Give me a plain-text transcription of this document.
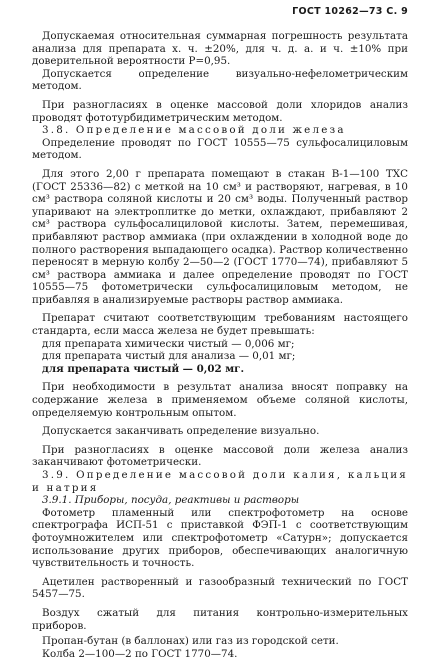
ГОСТ 10262—73 С. 9

Допускаемая относительная суммарная погрешность результата анализа для препарата х. ч. ±20%, для ч. д. а. и ч. ±10% при доверительной вероятности P=0,95.

Допускается определение визуально-нефелометрическим методом.

При разногласиях в оценке массовой доли хлоридов анализ проводят фототурбидиметрическим методом.

3.8. Определение массовой доли железа

Определение проводят по ГОСТ 10555—75 сульфосалициловым методом.

Для этого 2,00 г препарата помещают в стакан В-1—100 ТХС (ГОСТ 25336—82) с меткой на 10 см³ и растворяют, нагревая, в 10 см³ раствора соляной кислоты и 20 см³ воды. Полученный раствор упаривают на электроплитке до метки, охлаждают, прибавляют 2 см³ раствора сульфосалициловой кислоты. Затем, перемешивая, прибавляют раствор аммиака (при охлаждении в холодной воде до полного растворения выпадающего осадка). Раствор количественно переносят в мерную колбу 2—50—2 (ГОСТ 1770—74), прибавляют 5 см³ раствора аммиака и далее определение проводят по ГОСТ 10555—75 фотометрически сульфосалициловым методом, не прибавляя в анализируемые растворы раствор аммиака.

Препарат считают соответствующим требованиям настоящего стандарта, если масса железа не будет превышать:

для препарата химически чистый — 0,006 мг;

для препарата чистый для анализа — 0,01 мг;

для препарата чистый — 0,02 мг.

При необходимости в результат анализа вносят поправку на содержание железа в применяемом объеме соляной кислоты, определяемую контрольным опытом.

Допускается заканчивать определение визуально.

При разногласиях в оценке массовой доли железа анализ заканчивают фотометрически.

3.9. Определение массовой доли калия, кальция и натрия

3.9.1. Приборы, посуда, реактивы и растворы

Фотометр пламенный или спектрофотометр на основе спектрографа ИСП-51 с приставкой ФЭП-1 с соответствующим фотоумножителем или спектрофотометр «Сатурн»; допускается использование других приборов, обеспечивающих аналогичную чувствительность и точность.

Ацетилен растворенный и газообразный технический по ГОСТ 5457—75.

Воздух сжатый для питания контрольно-измерительных приборов.

Пропан-бутан (в баллонах) или газ из городской сети.

Колба 2—100—2 по ГОСТ 1770—74.
